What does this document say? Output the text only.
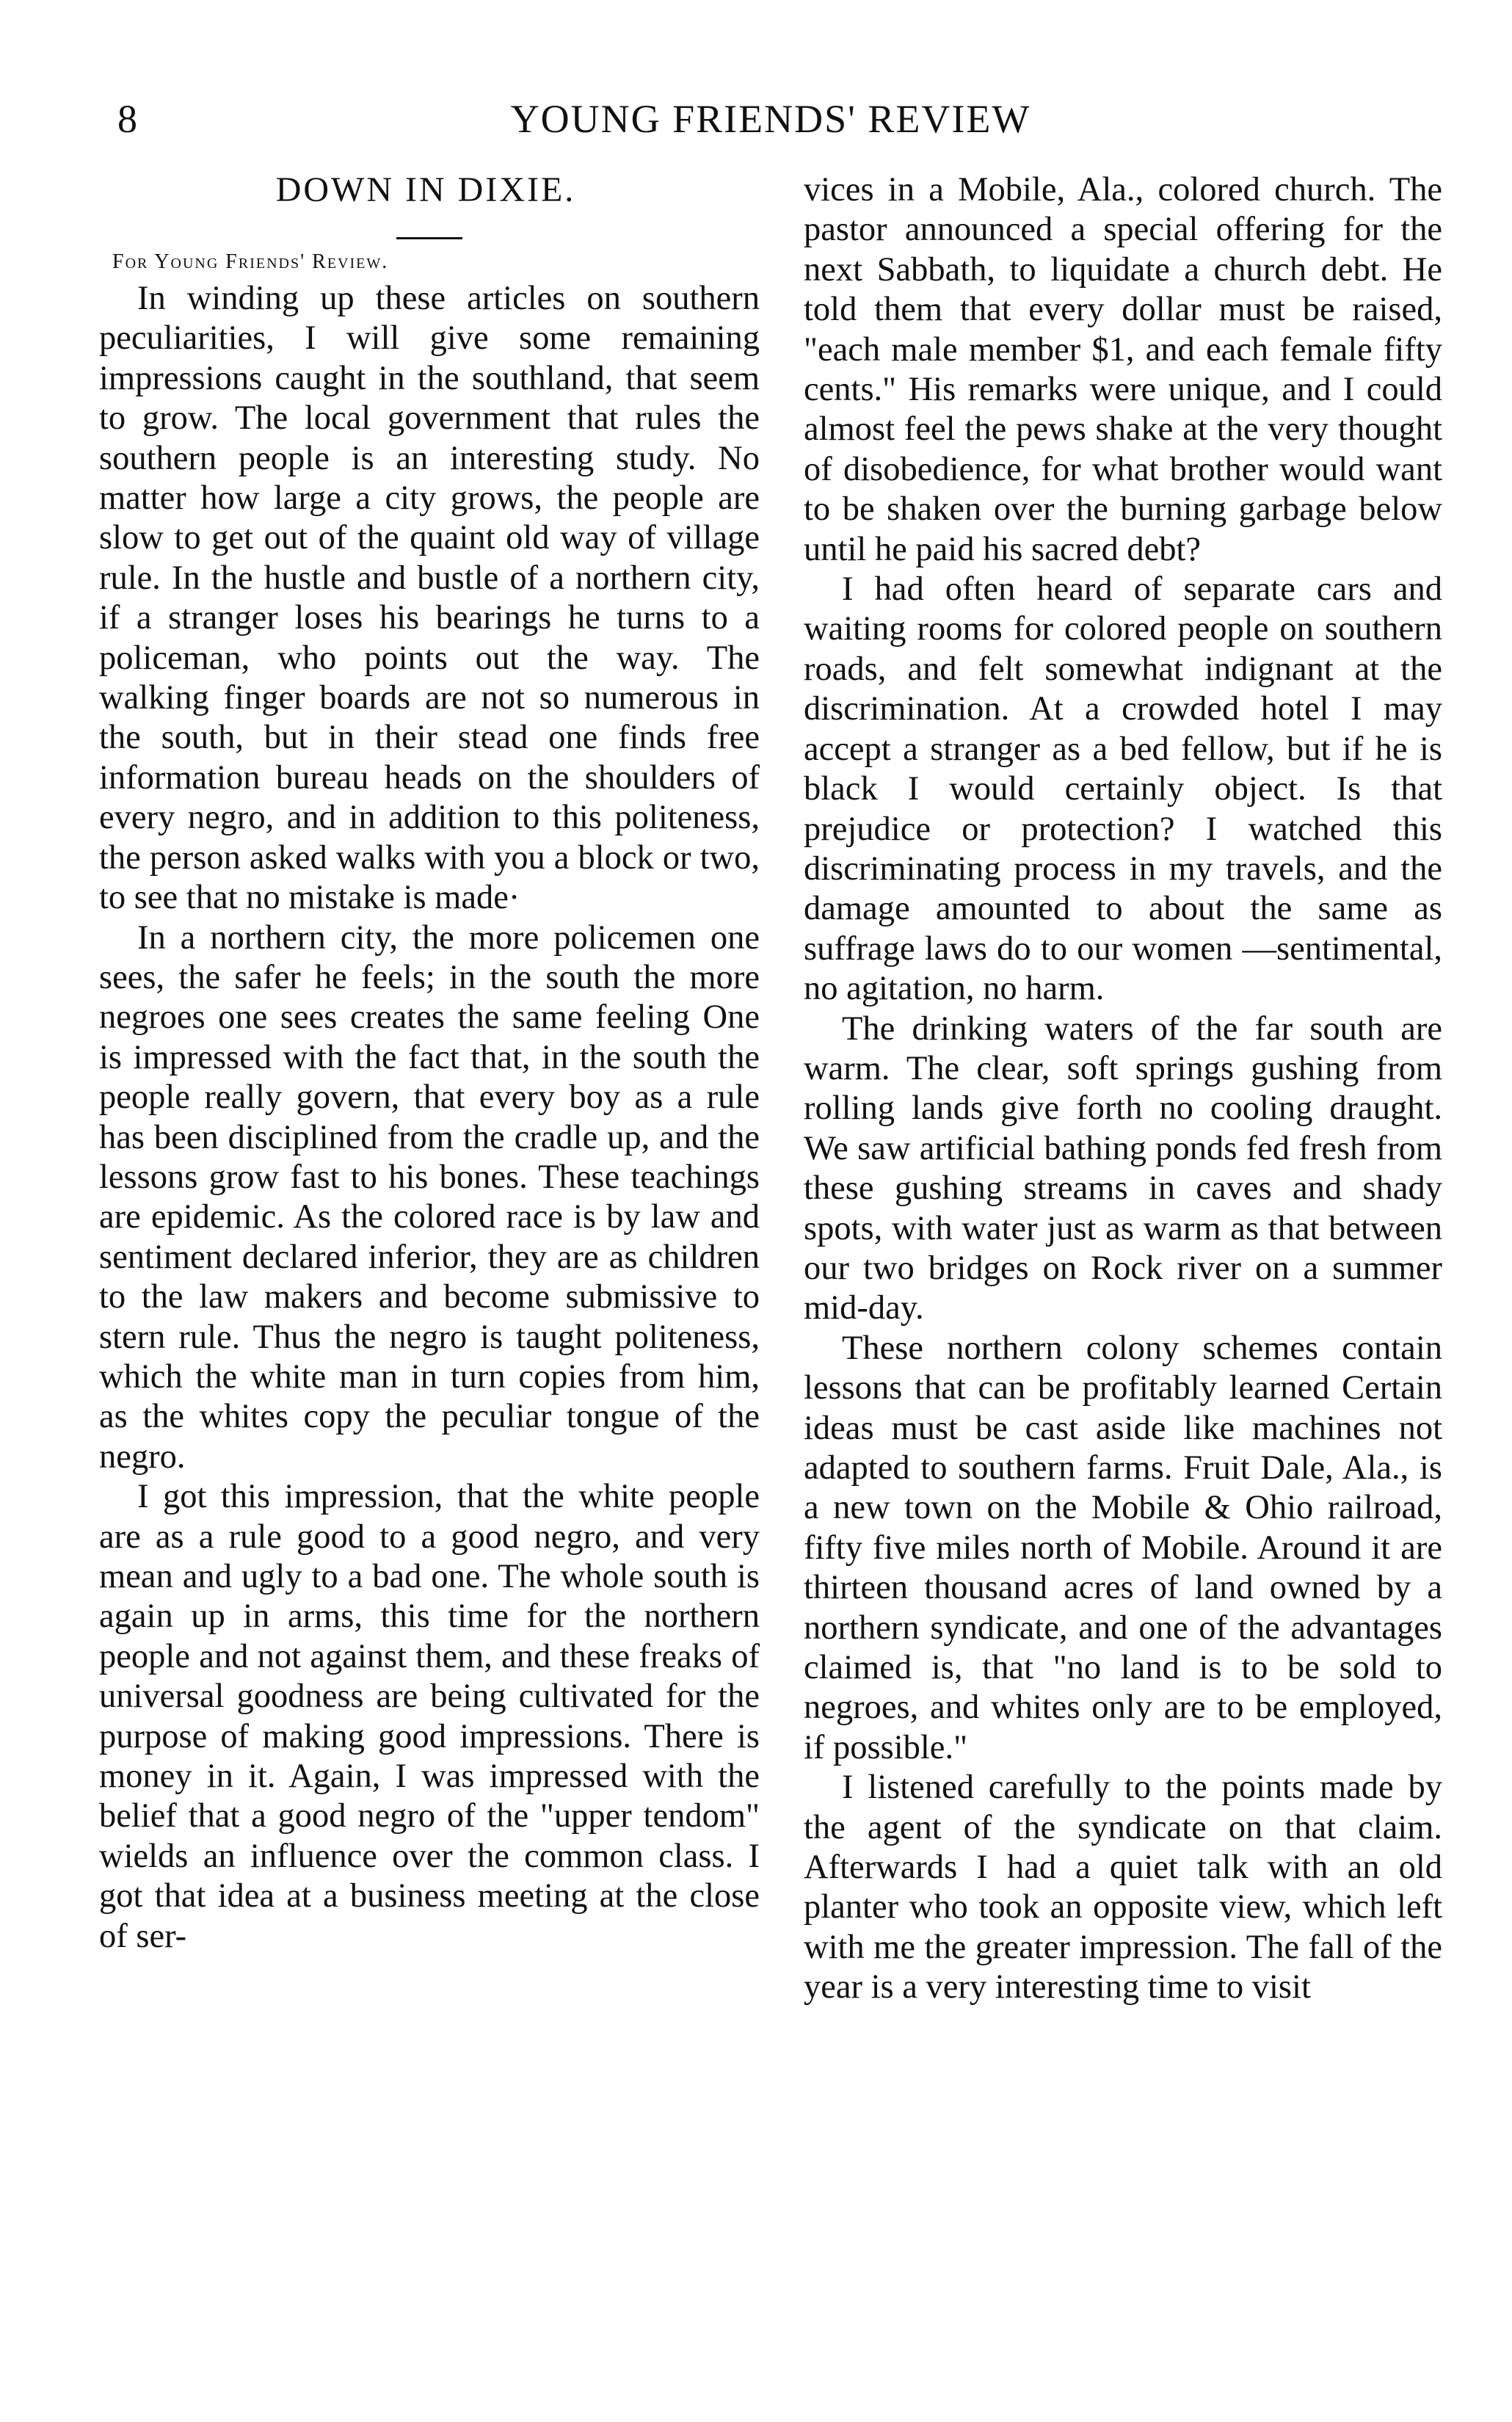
8	YOUNG FRIENDS' REVIEW
DOWN IN DIXIE.
For Young Friends' Review.

In winding up these articles on southern peculiarities, I will give some remaining impressions caught in the southland, that seem to grow. The local government that rules the southern people is an interesting study. No matter how large a city grows, the people are slow to get out of the quaint old way of village rule. In the hustle and bustle of a northern city, if a stranger loses his bearings he turns to a policeman, who points out the way. The walking finger boards are not so numerous in the south, but in their stead one finds free information bureau heads on the shoulders of every negro, and in addition to this politeness, the person asked walks with you a block or two, to see that no mistake is made·

In a northern city, the more policemen one sees, the safer he feels; in the south the more negroes one sees creates the same feeling One is impressed with the fact that, in the south the people really govern, that every boy as a rule has been disciplined from the cradle up, and the lessons grow fast to his bones. These teachings are epidemic. As the colored race is by law and sentiment declared inferior, they are as children to the law makers and become submissive to stern rule. Thus the negro is taught politeness, which the white man in turn copies from him, as the whites copy the peculiar tongue of the negro.

I got this impression, that the white people are as a rule good to a good negro, and very mean and ugly to a bad one. The whole south is again up in arms, this time for the northern people and not against them, and these freaks of universal goodness are being cultivated for the purpose of making good impressions. There is money in it. Again, I was impressed with the belief that a good negro of the "upper tendom" wields an influence over the common class. I got that idea at a business meeting at the close of ser-

vices in a Mobile, Ala., colored church. The pastor announced a special offering for the next Sabbath, to liquidate a church debt. He told them that every dollar must be raised, "each male member $1, and each female fifty cents." His remarks were unique, and I could almost feel the pews shake at the very thought of disobedience, for what brother would want to be shaken over the burning garbage below until he paid his sacred debt?

I had often heard of separate cars and waiting rooms for colored people on southern roads, and felt somewhat indignant at the discrimination. At a crowded hotel I may accept a stranger as a bed fellow, but if he is black I would certainly object. Is that prejudice or protection? I watched this discriminating process in my travels, and the damage amounted to about the same as suffrage laws do to our women —sentimental, no agitation, no harm.

The drinking waters of the far south are warm. The clear, soft springs gushing from rolling lands give forth no cooling draught. We saw artificial bathing ponds fed fresh from these gushing streams in caves and shady spots, with water just as warm as that between our two bridges on Rock river on a summer mid-day.

These northern colony schemes contain lessons that can be profitably learned Certain ideas must be cast aside like machines not adapted to southern farms. Fruit Dale, Ala., is a new town on the Mobile & Ohio railroad, fifty five miles north of Mobile. Around it are thirteen thousand acres of land owned by a northern syndicate, and one of the advantages claimed is, that "no land is to be sold to negroes, and whites only are to be employed, if possible."

I listened carefully to the points made by the agent of the syndicate on that claim. Afterwards I had a quiet talk with an old planter who took an opposite view, which left with me the greater impression. The fall of the year is a very interesting time to visit
